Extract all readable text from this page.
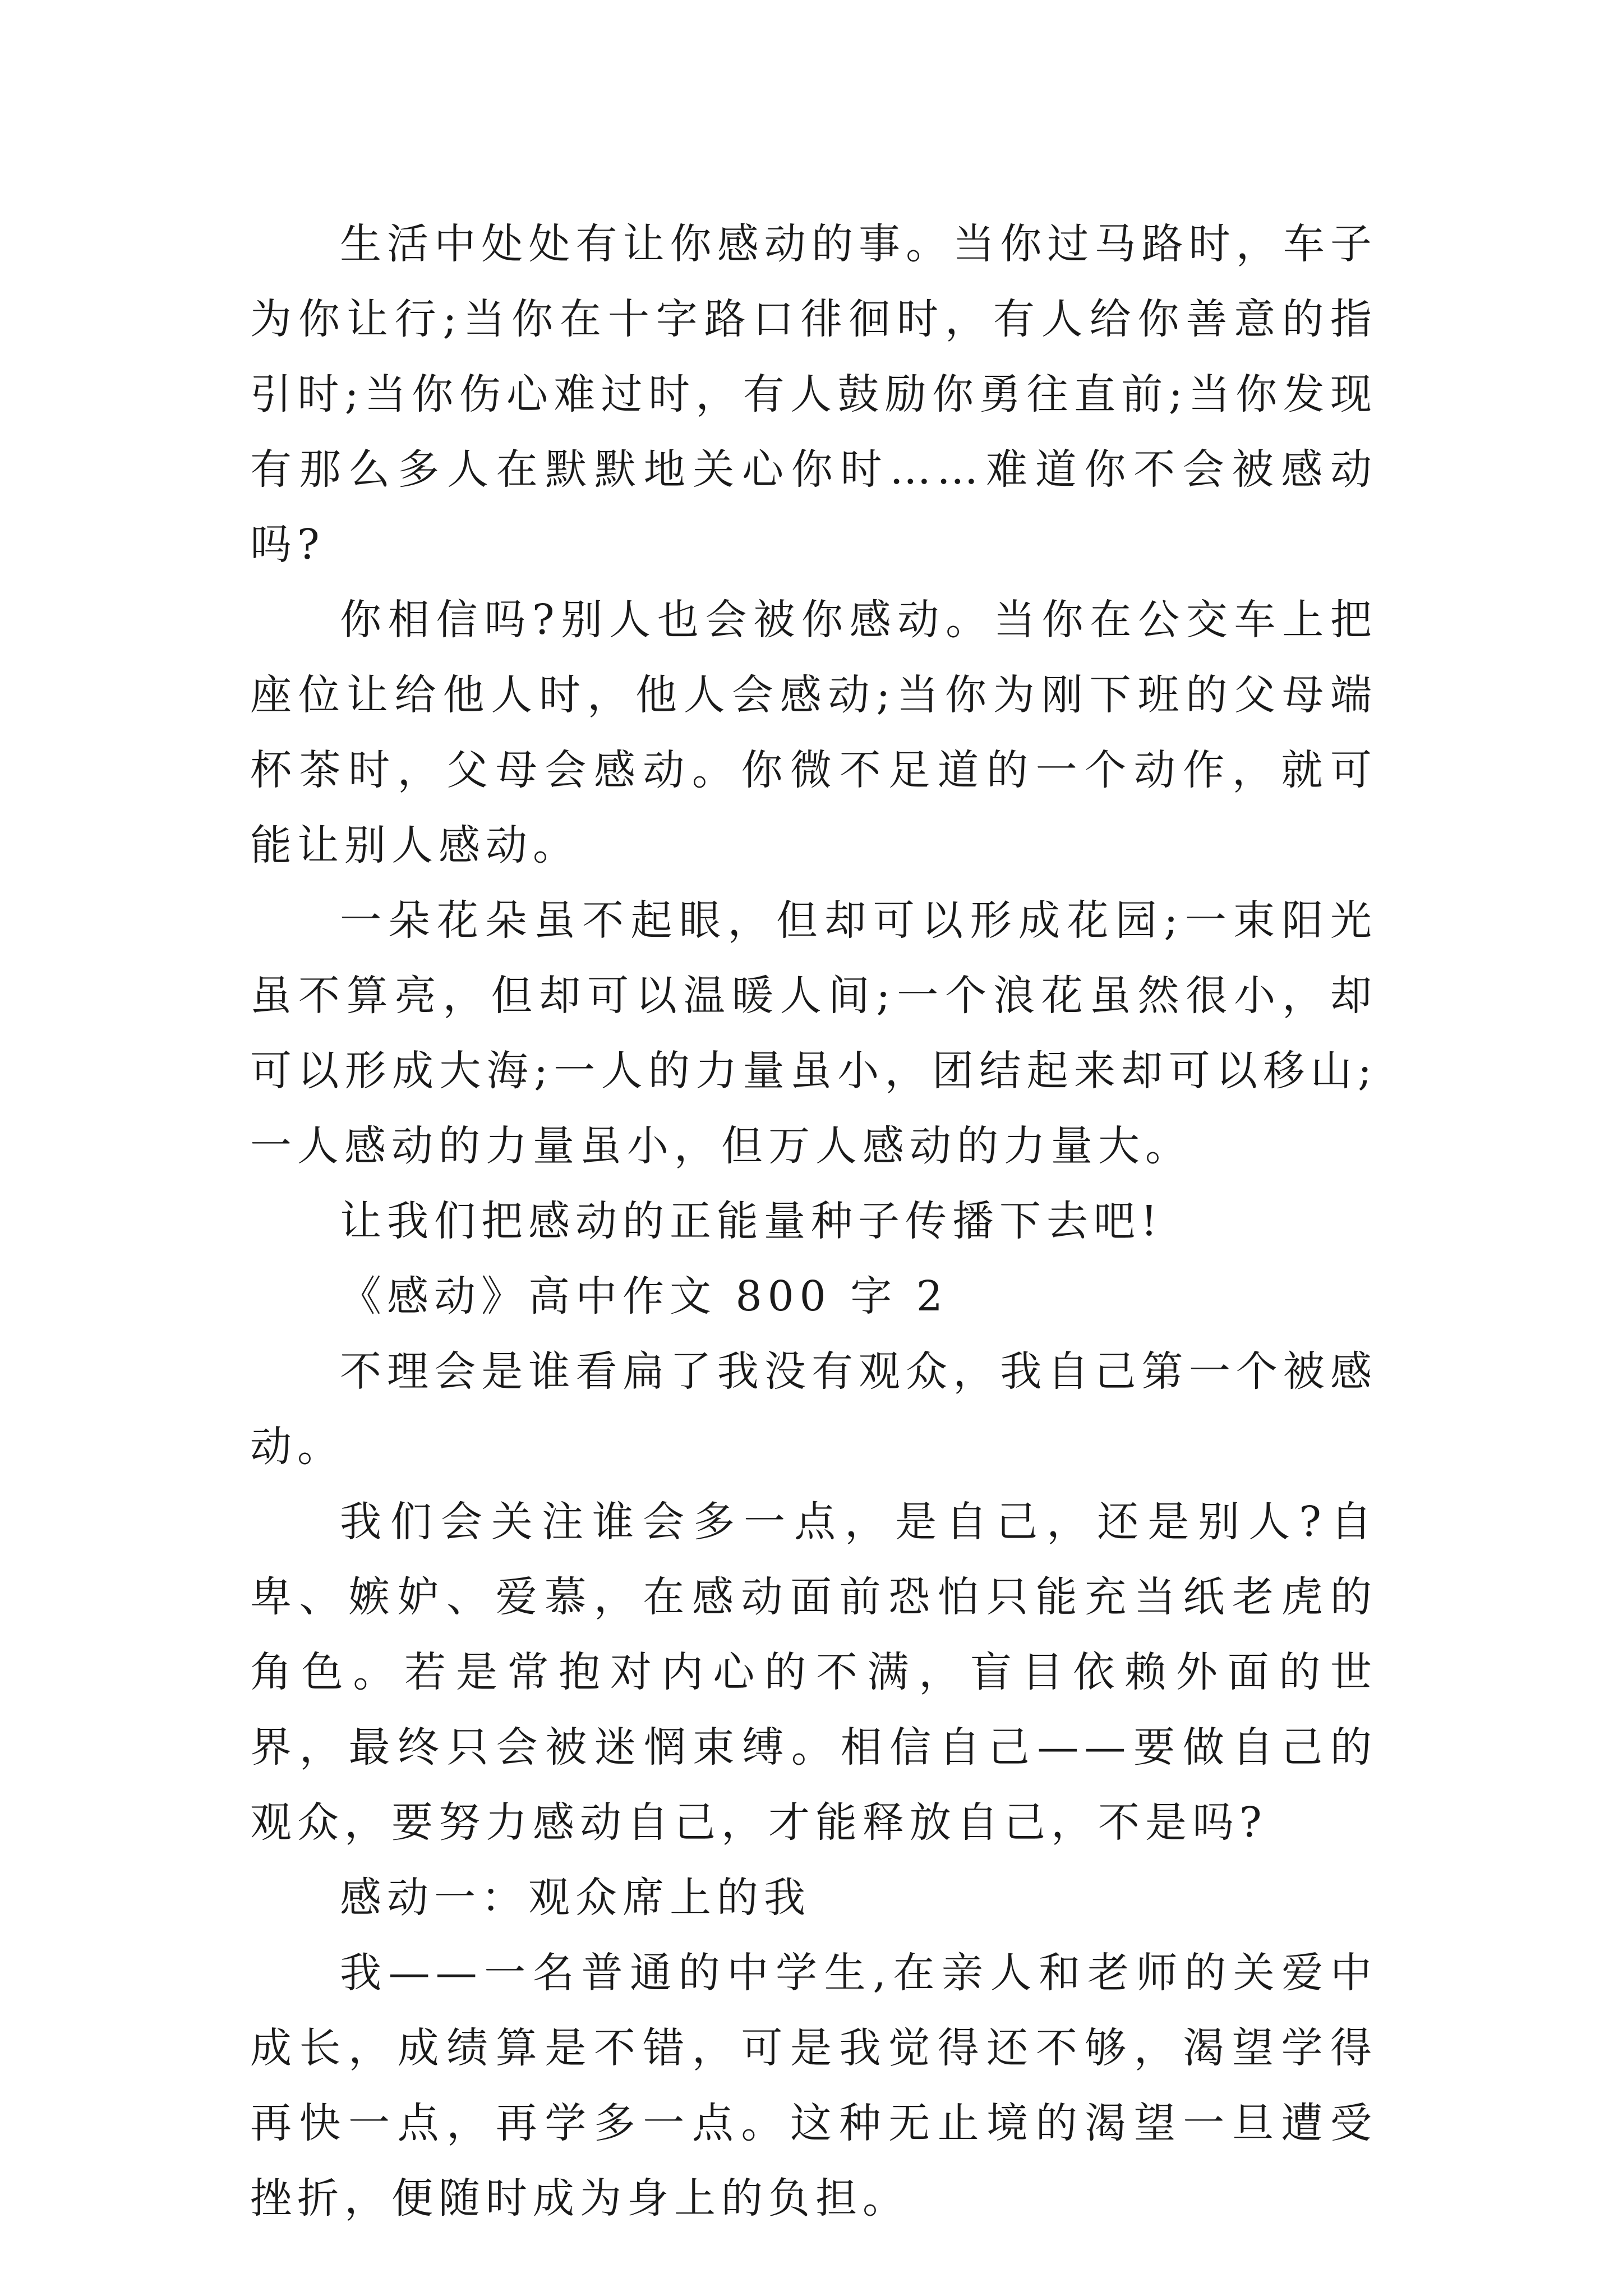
生活中处处有让你感动的事。当你过马路时，车子为你让行;当你在十字路口徘徊时，有人给你善意的指引时;当你伤心难过时，有人鼓励你勇往直前;当你发现有那么多人在默默地关心你时……难道你不会被感动吗?

你相信吗?别人也会被你感动。当你在公交车上把座位让给他人时，他人会感动;当你为刚下班的父母端杯茶时，父母会感动。你微不足道的一个动作，就可能让别人感动。

一朵花朵虽不起眼，但却可以形成花园;一束阳光虽不算亮，但却可以温暖人间;一个浪花虽然很小，却可以形成大海;一人的力量虽小，团结起来却可以移山;一人感动的力量虽小，但万人感动的力量大。

让我们把感动的正能量种子传播下去吧!

《感动》高中作文 800 字 2

不理会是谁看扁了我没有观众，我自己第一个被感动。

我们会关注谁会多一点，是自己，还是别人?自卑、嫉妒、爱慕，在感动面前恐怕只能充当纸老虎的角色。若是常抱对内心的不满，盲目依赖外面的世界，最终只会被迷惘束缚。相信自己——要做自己的观众，要努力感动自己，才能释放自己，不是吗?

感动一：观众席上的我

我——一名普通的中学生,在亲人和老师的关爱中成长，成绩算是不错，可是我觉得还不够，渴望学得再快一点，再学多一点。这种无止境的渴望一旦遭受挫折，便随时成为身上的负担。
